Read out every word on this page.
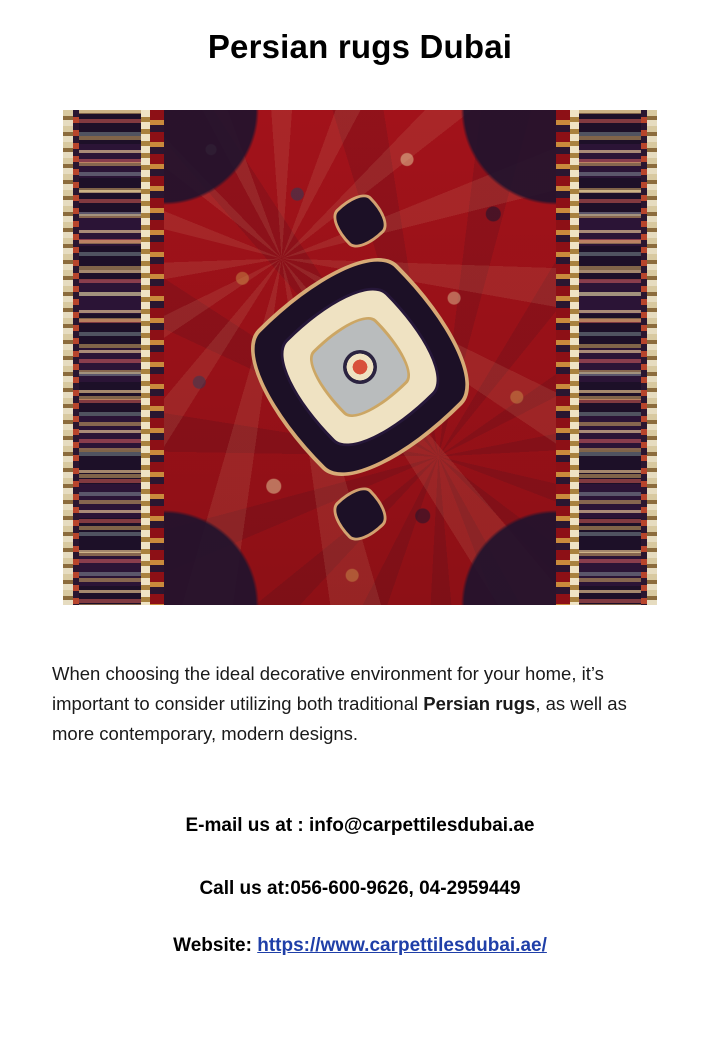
Persian rugs Dubai

When choosing the ideal decorative environment for your home, it’s important to consider utilizing both traditional Persian rugs, as well as more contemporary, modern designs.

E-mail us at : info@carpettilesdubai.ae
Call us at:056-600-9626, 04-2959449
Website: https://www.carpettilesdubai.ae/
